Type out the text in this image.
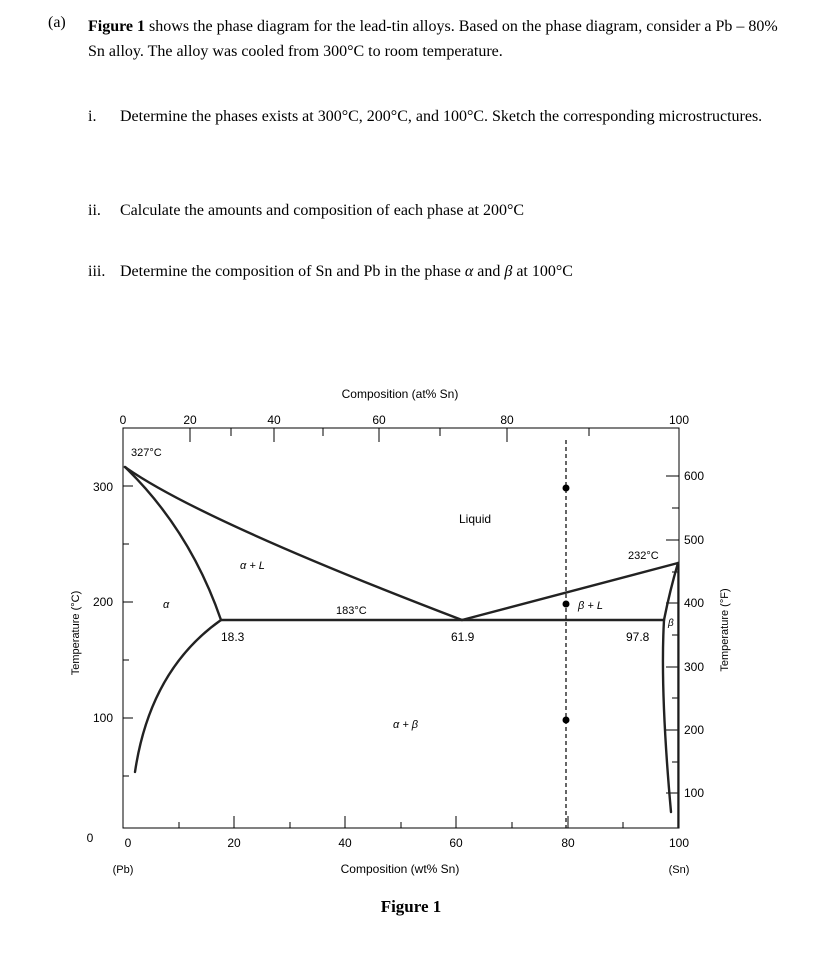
(a) Figure 1 shows the phase diagram for the lead-tin alloys. Based on the phase diagram, consider a Pb – 80% Sn alloy. The alloy was cooled from 300°C to room temperature.
i. Determine the phases exists at 300°C, 200°C, and 100°C. Sketch the corresponding microstructures.
ii. Calculate the amounts and composition of each phase at 200°C
iii. Determine the composition of Sn and Pb in the phase α and β at 100°C
Composition (at% Sn)
0	20	40	60	80	100
0
100
200
300
Temperature (°C)
600
500
400
300
200
100
Temperature (°F)
0	20	40	60	80	100
(Pb)	(Sn)
Composition (wt% Sn)
327°C
232°C
183°C
Liquid
α + L
α	β + L
β
α + β
18.3	61.9	97.8
Figure 1
